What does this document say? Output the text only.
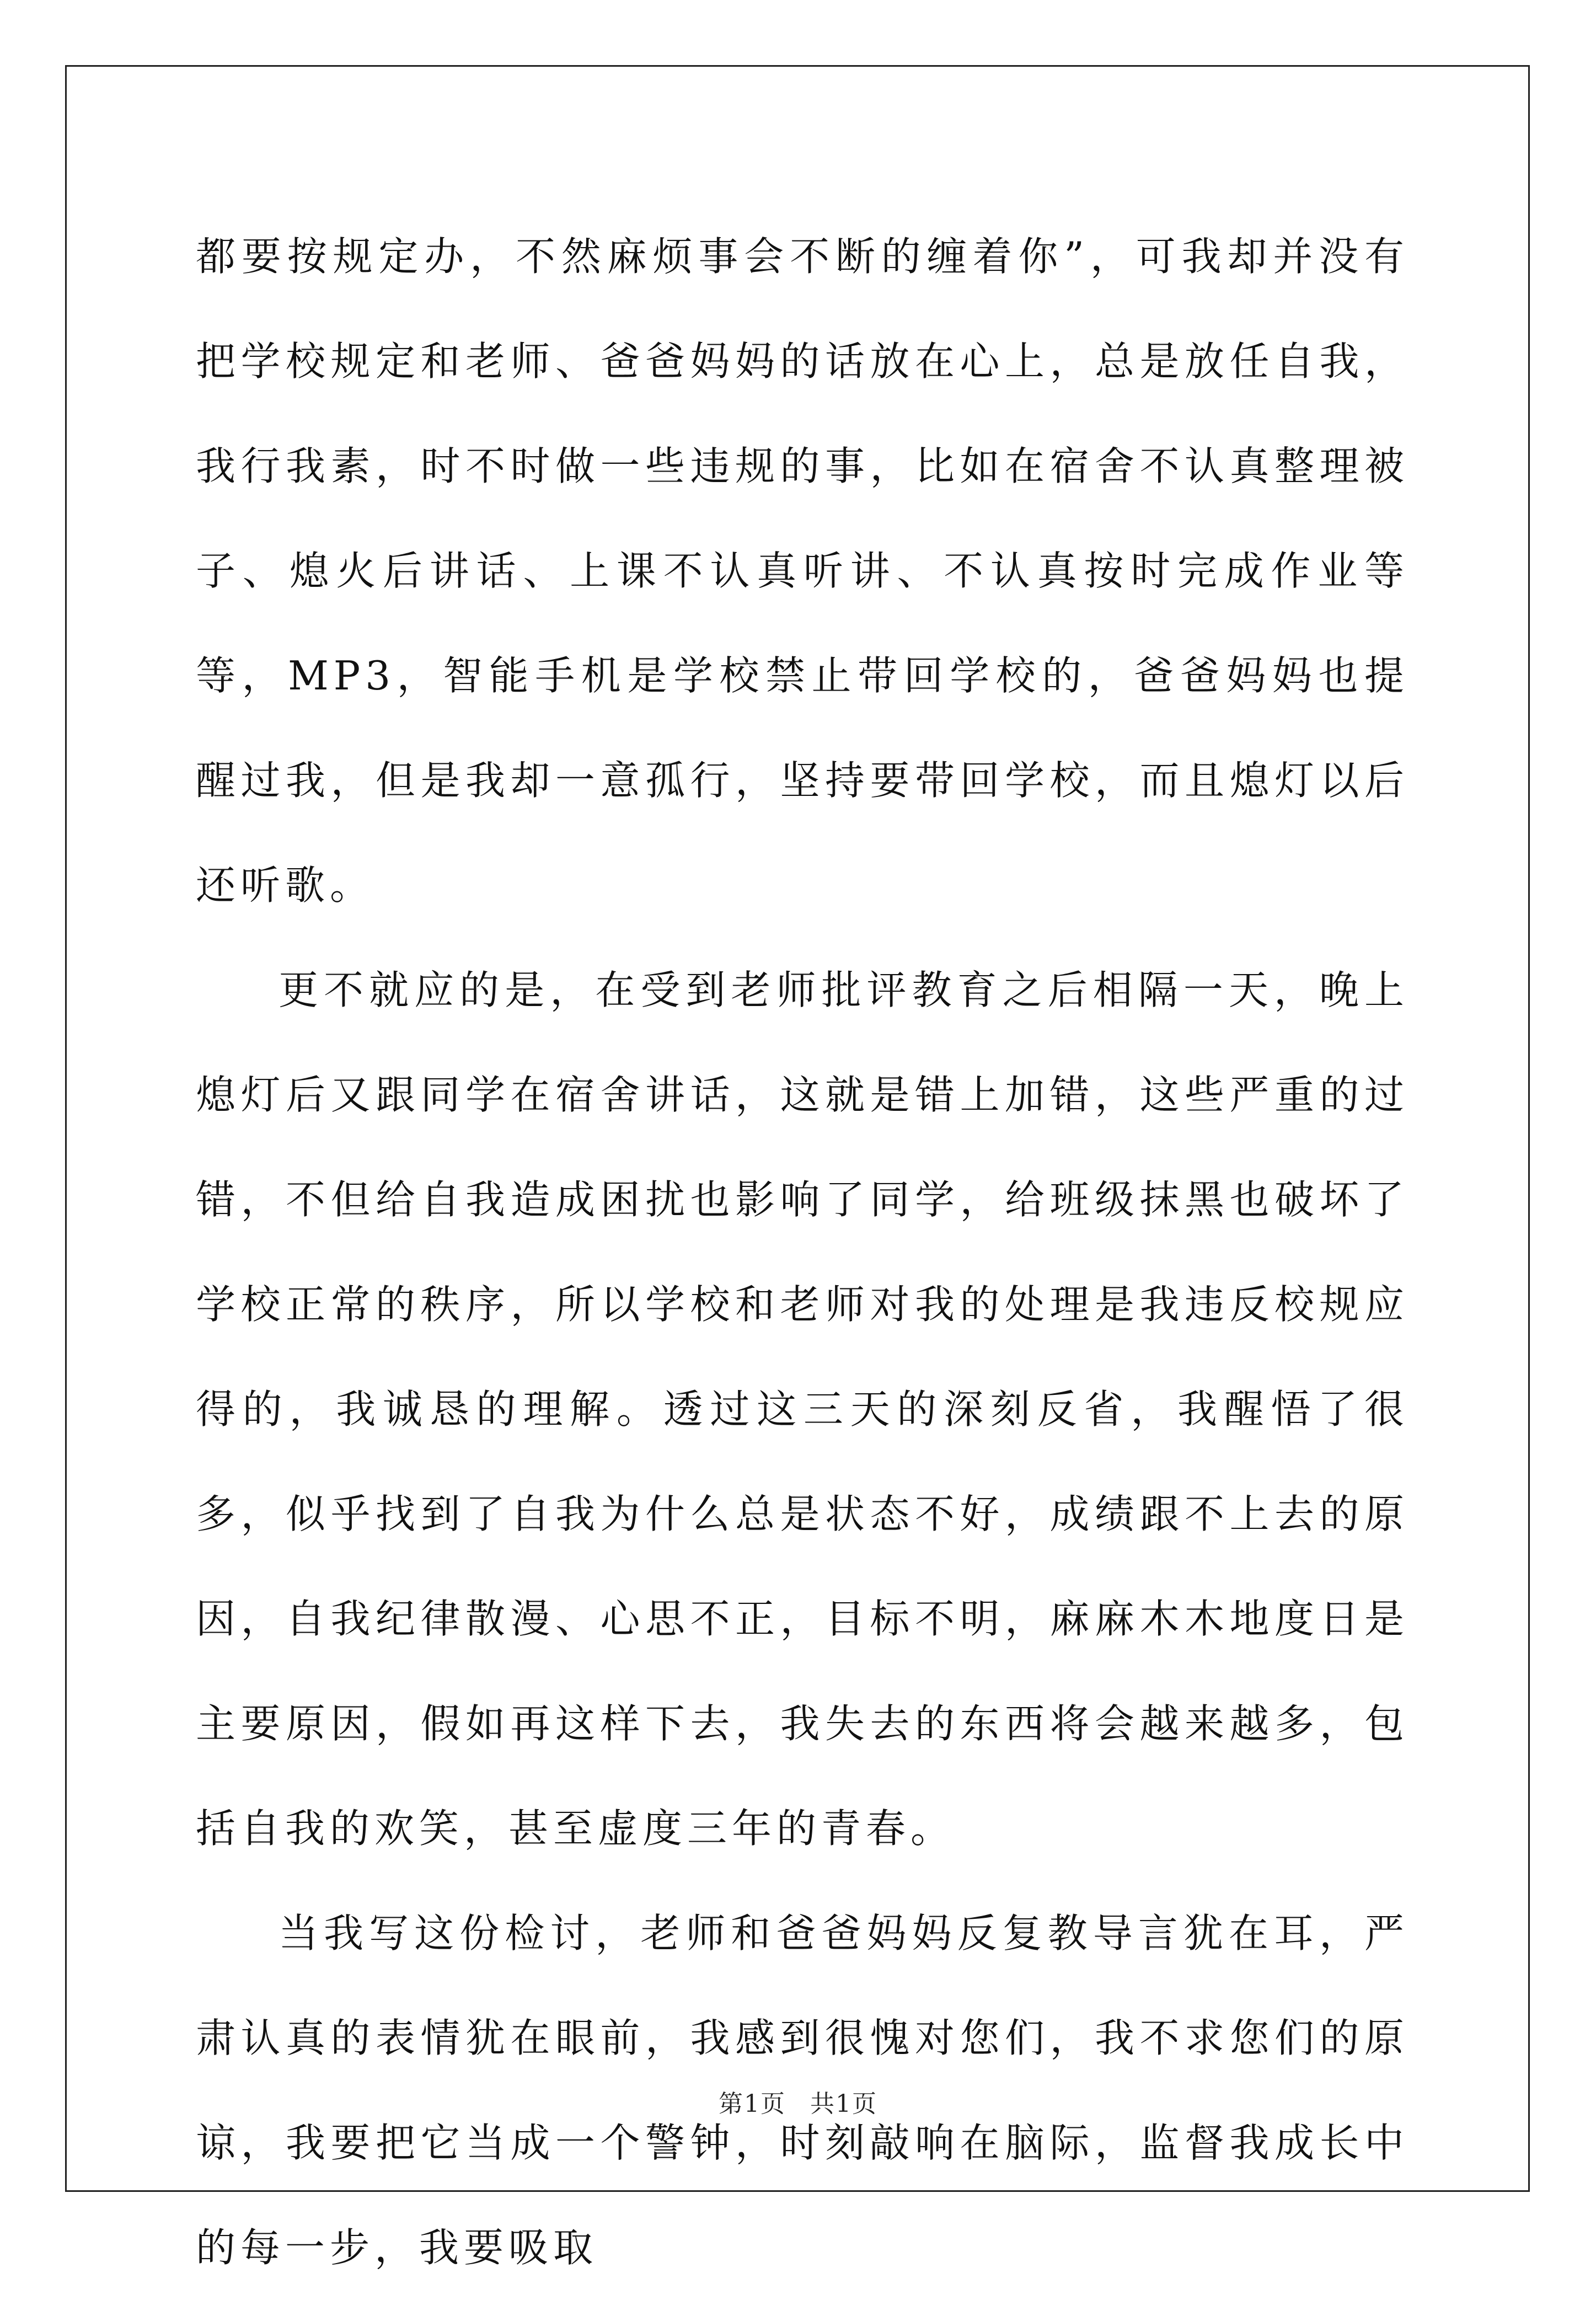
都要按规定办，不然麻烦事会不断的缠着你”，可我却并没有把学校规定和老师、爸爸妈妈的话放在心上，总是放任自我，我行我素，时不时做一些违规的事，比如在宿舍不认真整理被子、熄火后讲话、上课不认真听讲、不认真按时完成作业等等，MP3，智能手机是学校禁止带回学校的，爸爸妈妈也提醒过我，但是我却一意孤行，坚持要带回学校，而且熄灯以后还听歌。

更不就应的是，在受到老师批评教育之后相隔一天，晚上熄灯后又跟同学在宿舍讲话，这就是错上加错，这些严重的过错，不但给自我造成困扰也影响了同学，给班级抹黑也破坏了学校正常的秩序，所以学校和老师对我的处理是我违反校规应得的，我诚恳的理解。透过这三天的深刻反省，我醒悟了很多，似乎找到了自我为什么总是状态不好，成绩跟不上去的原因，自我纪律散漫、心思不正，目标不明，麻麻木木地度日是主要原因，假如再这样下去，我失去的东西将会越来越多，包括自我的欢笑，甚至虚度三年的青春。

当我写这份检讨，老师和爸爸妈妈反复教导言犹在耳，严肃认真的表情犹在眼前，我感到很愧对您们，我不求您们的原谅，我要把它当成一个警钟，时刻敲响在脑际，监督我成长中的每一步，我要吸取

第1页 共1页
